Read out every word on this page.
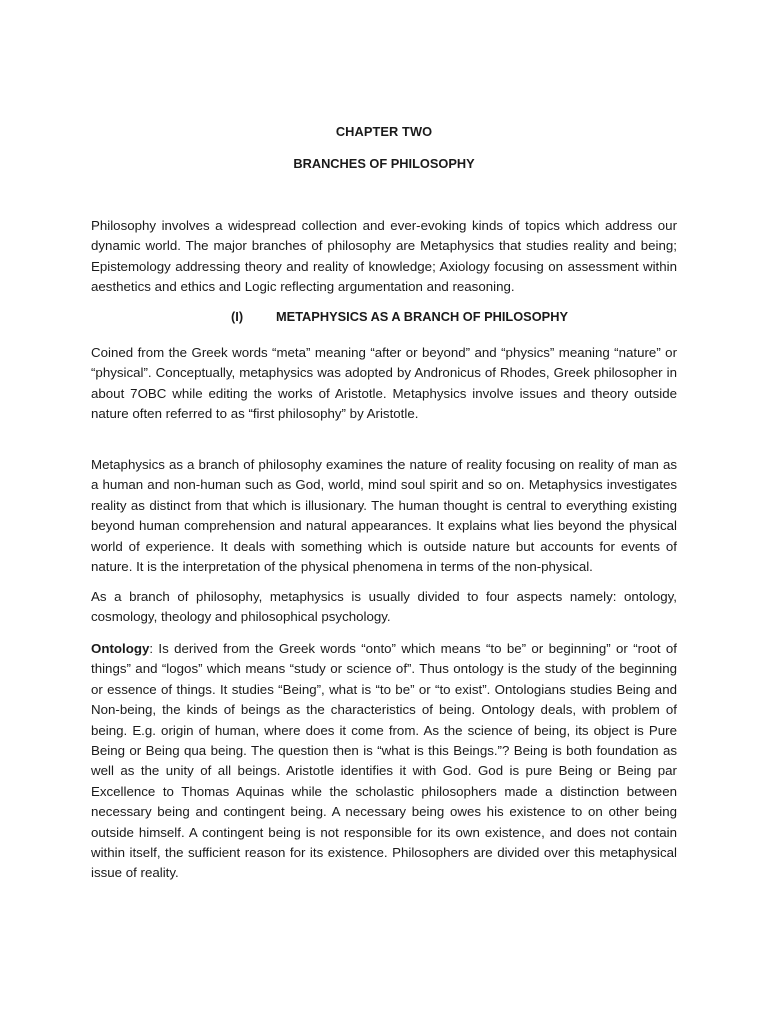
CHAPTER TWO
BRANCHES OF PHILOSOPHY

Philosophy involves a widespread collection and ever-evoking kinds of topics which address our dynamic world. The major branches of philosophy are Metaphysics that studies reality and being; Epistemology addressing theory and reality of knowledge; Axiology focusing on assessment within aesthetics and ethics and Logic reflecting argumentation and reasoning.

(I)	METAPHYSICS AS A BRANCH OF PHILOSOPHY

Coined from the Greek words “meta” meaning “after or beyond” and “physics” meaning “nature” or “physical”. Conceptually, metaphysics was adopted by Andronicus of Rhodes, Greek philosopher in about 7OBC while editing the works of Aristotle. Metaphysics involve issues and theory outside nature often referred to as “first philosophy” by Aristotle.

Metaphysics as a branch of philosophy examines the nature of reality focusing on reality of man as a human and non-human such as God, world, mind soul spirit and so on. Metaphysics investigates reality as distinct from that which is illusionary. The human thought is central to everything existing beyond human comprehension and natural appearances. It explains what lies beyond the physical world of experience. It deals with something which is outside nature but accounts for events of nature. It is the interpretation of the physical phenomena in terms of the non-physical.

As a branch of philosophy, metaphysics is usually divided to four aspects namely: ontology, cosmology, theology and philosophical psychology.

Ontology: Is derived from the Greek words “onto” which means “to be” or beginning” or “root of things” and “logos” which means “study or science of”. Thus ontology is the study of the beginning or essence of things. It studies “Being”, what is “to be” or “to exist”. Ontologians studies Being and Non-being, the kinds of beings as the characteristics of being. Ontology deals, with problem of being. E.g. origin of human, where does it come from. As the science of being, its object is Pure Being or Being qua being. The question then is “what is this Beings.”? Being is both foundation as well as the unity of all beings. Aristotle identifies it with God. God is pure Being or Being par Excellence to Thomas Aquinas while the scholastic philosophers made a distinction between necessary being and contingent being. A necessary being owes his existence to on other being outside himself. A contingent being is not responsible for its own existence, and does not contain within itself, the sufficient reason for its existence. Philosophers are divided over this metaphysical issue of reality.
